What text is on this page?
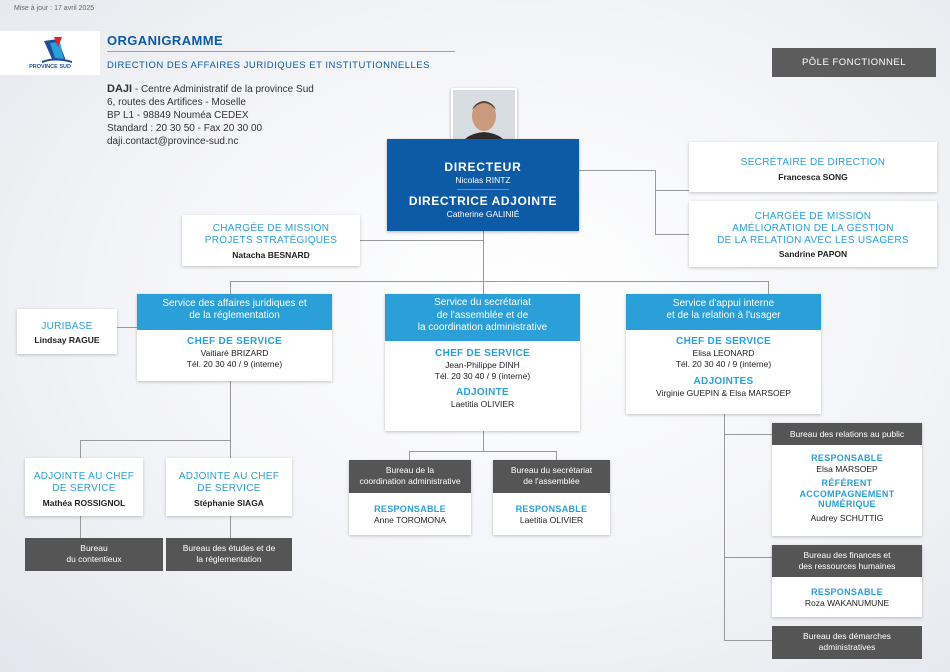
Mise à jour : 17 avril 2025
PROVINCE SUD
ORGANIGRAMME
DIRECTION DES AFFAIRES JURIDIQUES ET INSTITUTIONNELLES	PÔLE FONCTIONNEL
DAJI - Centre Administratif de la province Sud
6, routes des Artifices - Moselle
BP L1 - 98849 Nouméa CEDEX
Standard : 20 30 50 - Fax 20 30 00
daji.contact@province-sud.nc
DIRECTEUR
Nicolas RINTZ
DIRECTRICE ADJOINTE
Catherine GALINIÉ
CHARGÉE DE MISSION
PROJETS STRATÉGIQUES
Natacha BESNARD
SECRÉTAIRE DE DIRECTION
Francesca SONG
CHARGÉE DE MISSION
AMÉLIORATION DE LA GESTION
DE LA RELATION AVEC LES USAGERS
Sandrine PAPON
JURIBASE
Lindsay RAGUE
Service des affaires juridiques et
de la réglementation
CHEF DE SERVICE
Vaitiaré BRIZARD
Tél. 20 30 40 / 9 (interne)
Service du secrétariat
de l'assemblée et de
la coordination administrative
CHEF DE SERVICE
Jean-Philippe DINH
Tél. 20 30 40 / 9 (interne)
ADJOINTE
Laetitia OLIVIER
Service d'appui interne
et de la relation à l'usager
CHEF DE SERVICE
Elisa LEONARD
Tél. 20 30 40 / 9 (interne)
ADJOINTES
Virginie GUEPIN & Elsa MARSOEP
ADJOINTE AU CHEF
DE SERVICE
Mathéa ROSSIGNOL
ADJOINTE AU CHEF
DE SERVICE
Stéphanie SIAGA
Bureau
du contentieux
Bureau des études et de
la réglementation
Bureau de la
coordination administrative
RESPONSABLE
Anne TOROMONA
Bureau du secrétariat
de l'assemblée
RESPONSABLE
Laetitia OLIVIER
Bureau des relations au public
RESPONSABLE
Elsa MARSOEP
RÉFÉRENT
ACCOMPAGNEMENT
NUMÉRIQUE
Audrey SCHUTTIG
Bureau des finances et
des ressources humaines
RESPONSABLE
Roza WAKANUMUNE
Bureau des démarches
administratives
